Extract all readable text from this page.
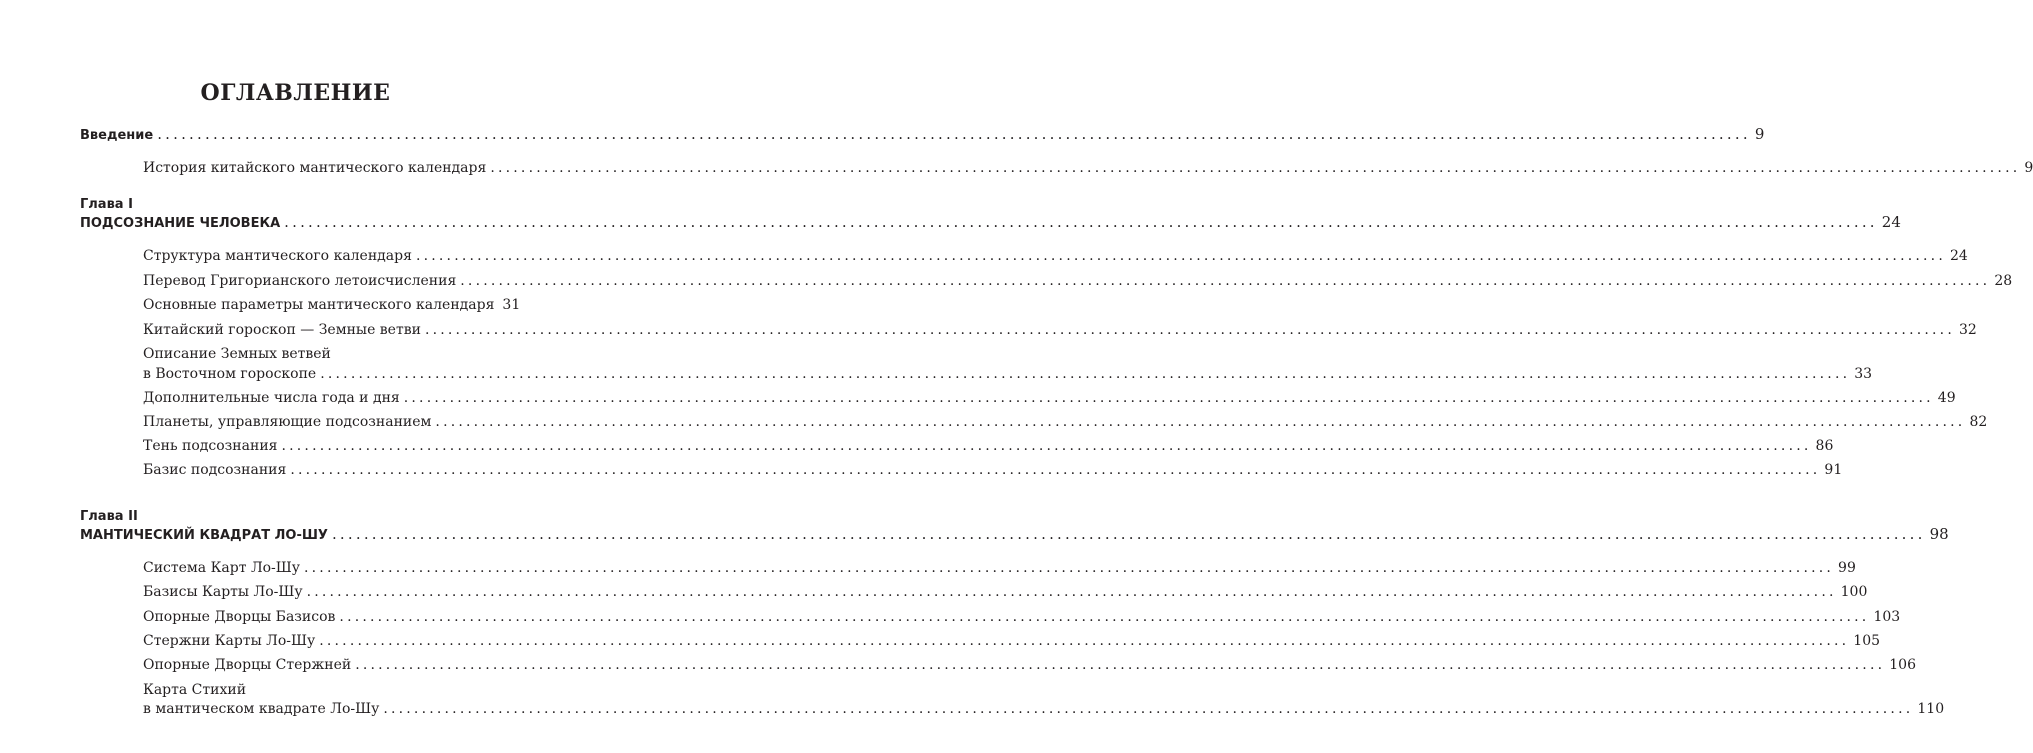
ОГЛАВЛЕНИЕ
Введение ........................................................................................................................................................................................................ 9
История китайского мантического календаря ........................................................................................................................................................................................................ 9
Глава I
ПОДСОЗНАНИЕ ЧЕЛОВЕКА ........................................................................................................................................................................................................ 24
Структура мантического календаря ........................................................................................................................................................................................................ 24
Перевод Григорианского летоисчисления ........................................................................................................................................................................................................ 28
Основные параметры мантического календаря 31
Китайский гороскоп — Земные ветви ........................................................................................................................................................................................................ 32
Описание Земных ветвей
в Восточном гороскопе ........................................................................................................................................................................................................ 33
Дополнительные числа года и дня ........................................................................................................................................................................................................ 49
Планеты, управляющие подсознанием ........................................................................................................................................................................................................ 82
Тень подсознания ........................................................................................................................................................................................................ 86
Базис подсознания ........................................................................................................................................................................................................ 91
Глава II
МАНТИЧЕСКИЙ КВАДРАТ ЛО-ШУ ........................................................................................................................................................................................................ 98
Система Карт Ло-Шу ........................................................................................................................................................................................................ 99
Базисы Карты Ло-Шу ........................................................................................................................................................................................................ 100
Опорные Дворцы Базисов ........................................................................................................................................................................................................ 103
Стержни Карты Ло-Шу ........................................................................................................................................................................................................ 105
Опорные Дворцы Стержней ........................................................................................................................................................................................................ 106
Карта Стихий
в мантическом квадрате Ло-Шу ........................................................................................................................................................................................................ 110
